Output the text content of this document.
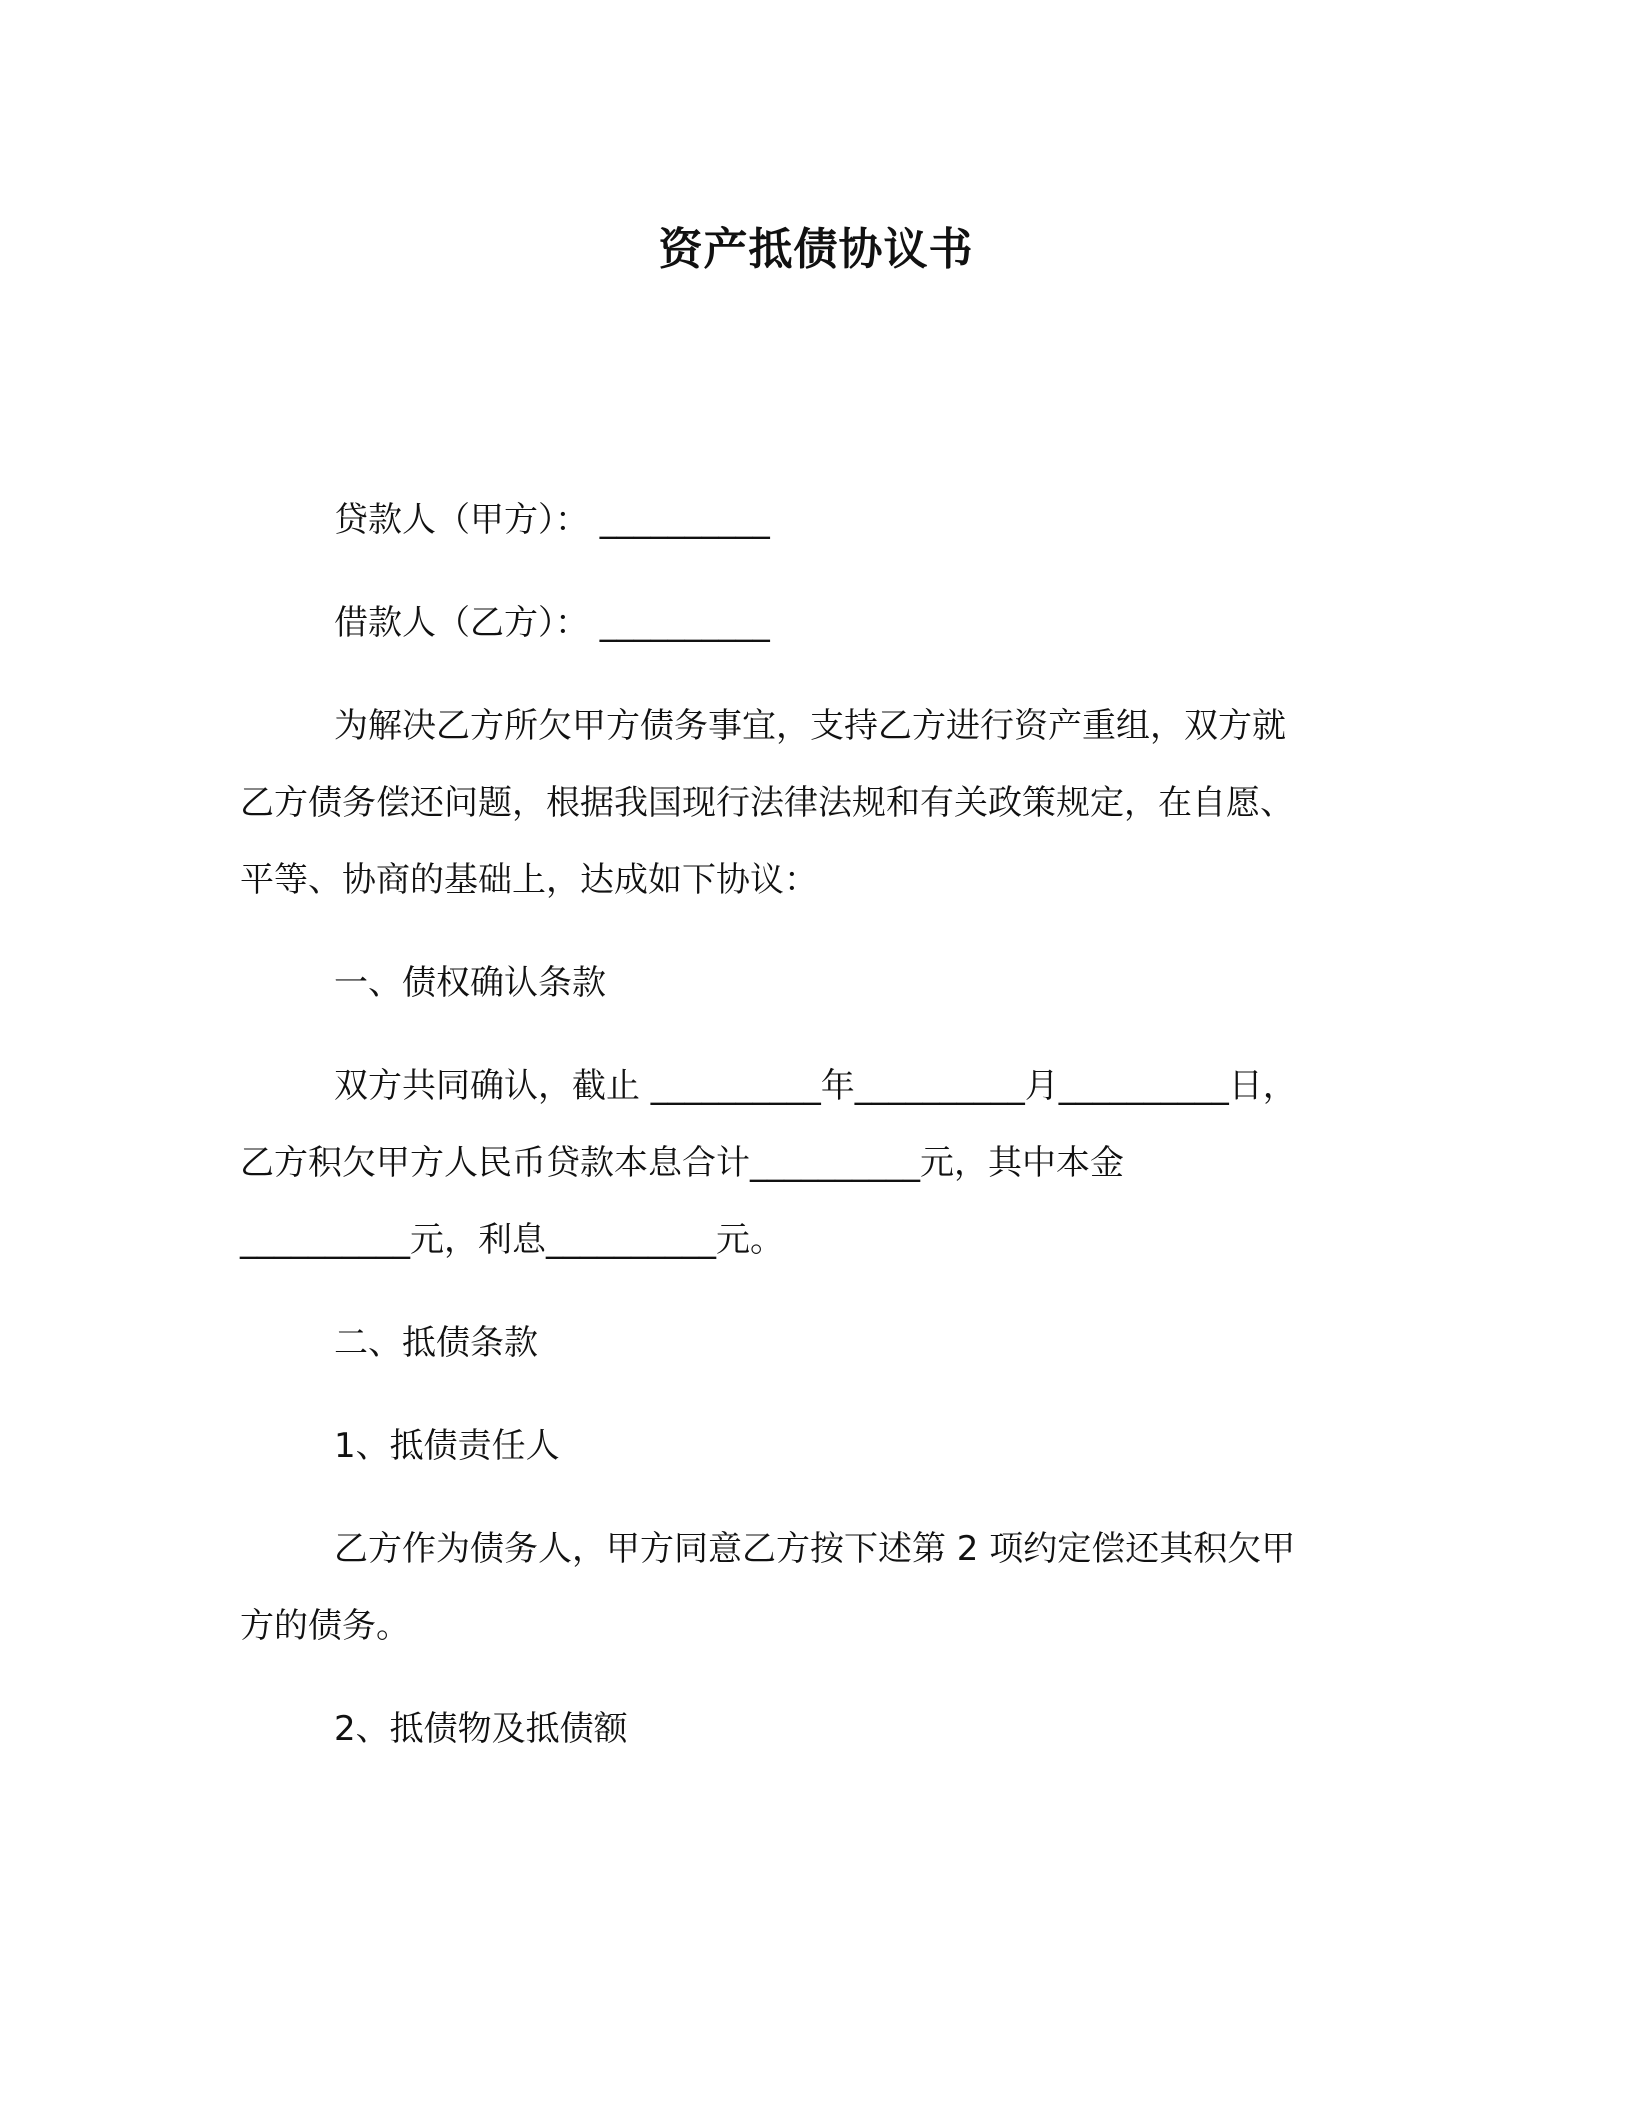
资产抵债协议书
贷款人（甲方）： __________
借款人（乙方）： __________
为解决乙方所欠甲方债务事宜，支持乙方进行资产重组，双方就
乙方债务偿还问题，根据我国现行法律法规和有关政策规定，在自愿、
平等、协商的基础上，达成如下协议：
一、债权确认条款
双方共同确认，截止 __________年__________月__________日，
乙方积欠甲方人民币贷款本息合计__________元，其中本金
__________元，利息__________元。
二、抵债条款
1、抵债责任人
乙方作为债务人，甲方同意乙方按下述第 2 项约定偿还其积欠甲
方的债务。
2、抵债物及抵债额
